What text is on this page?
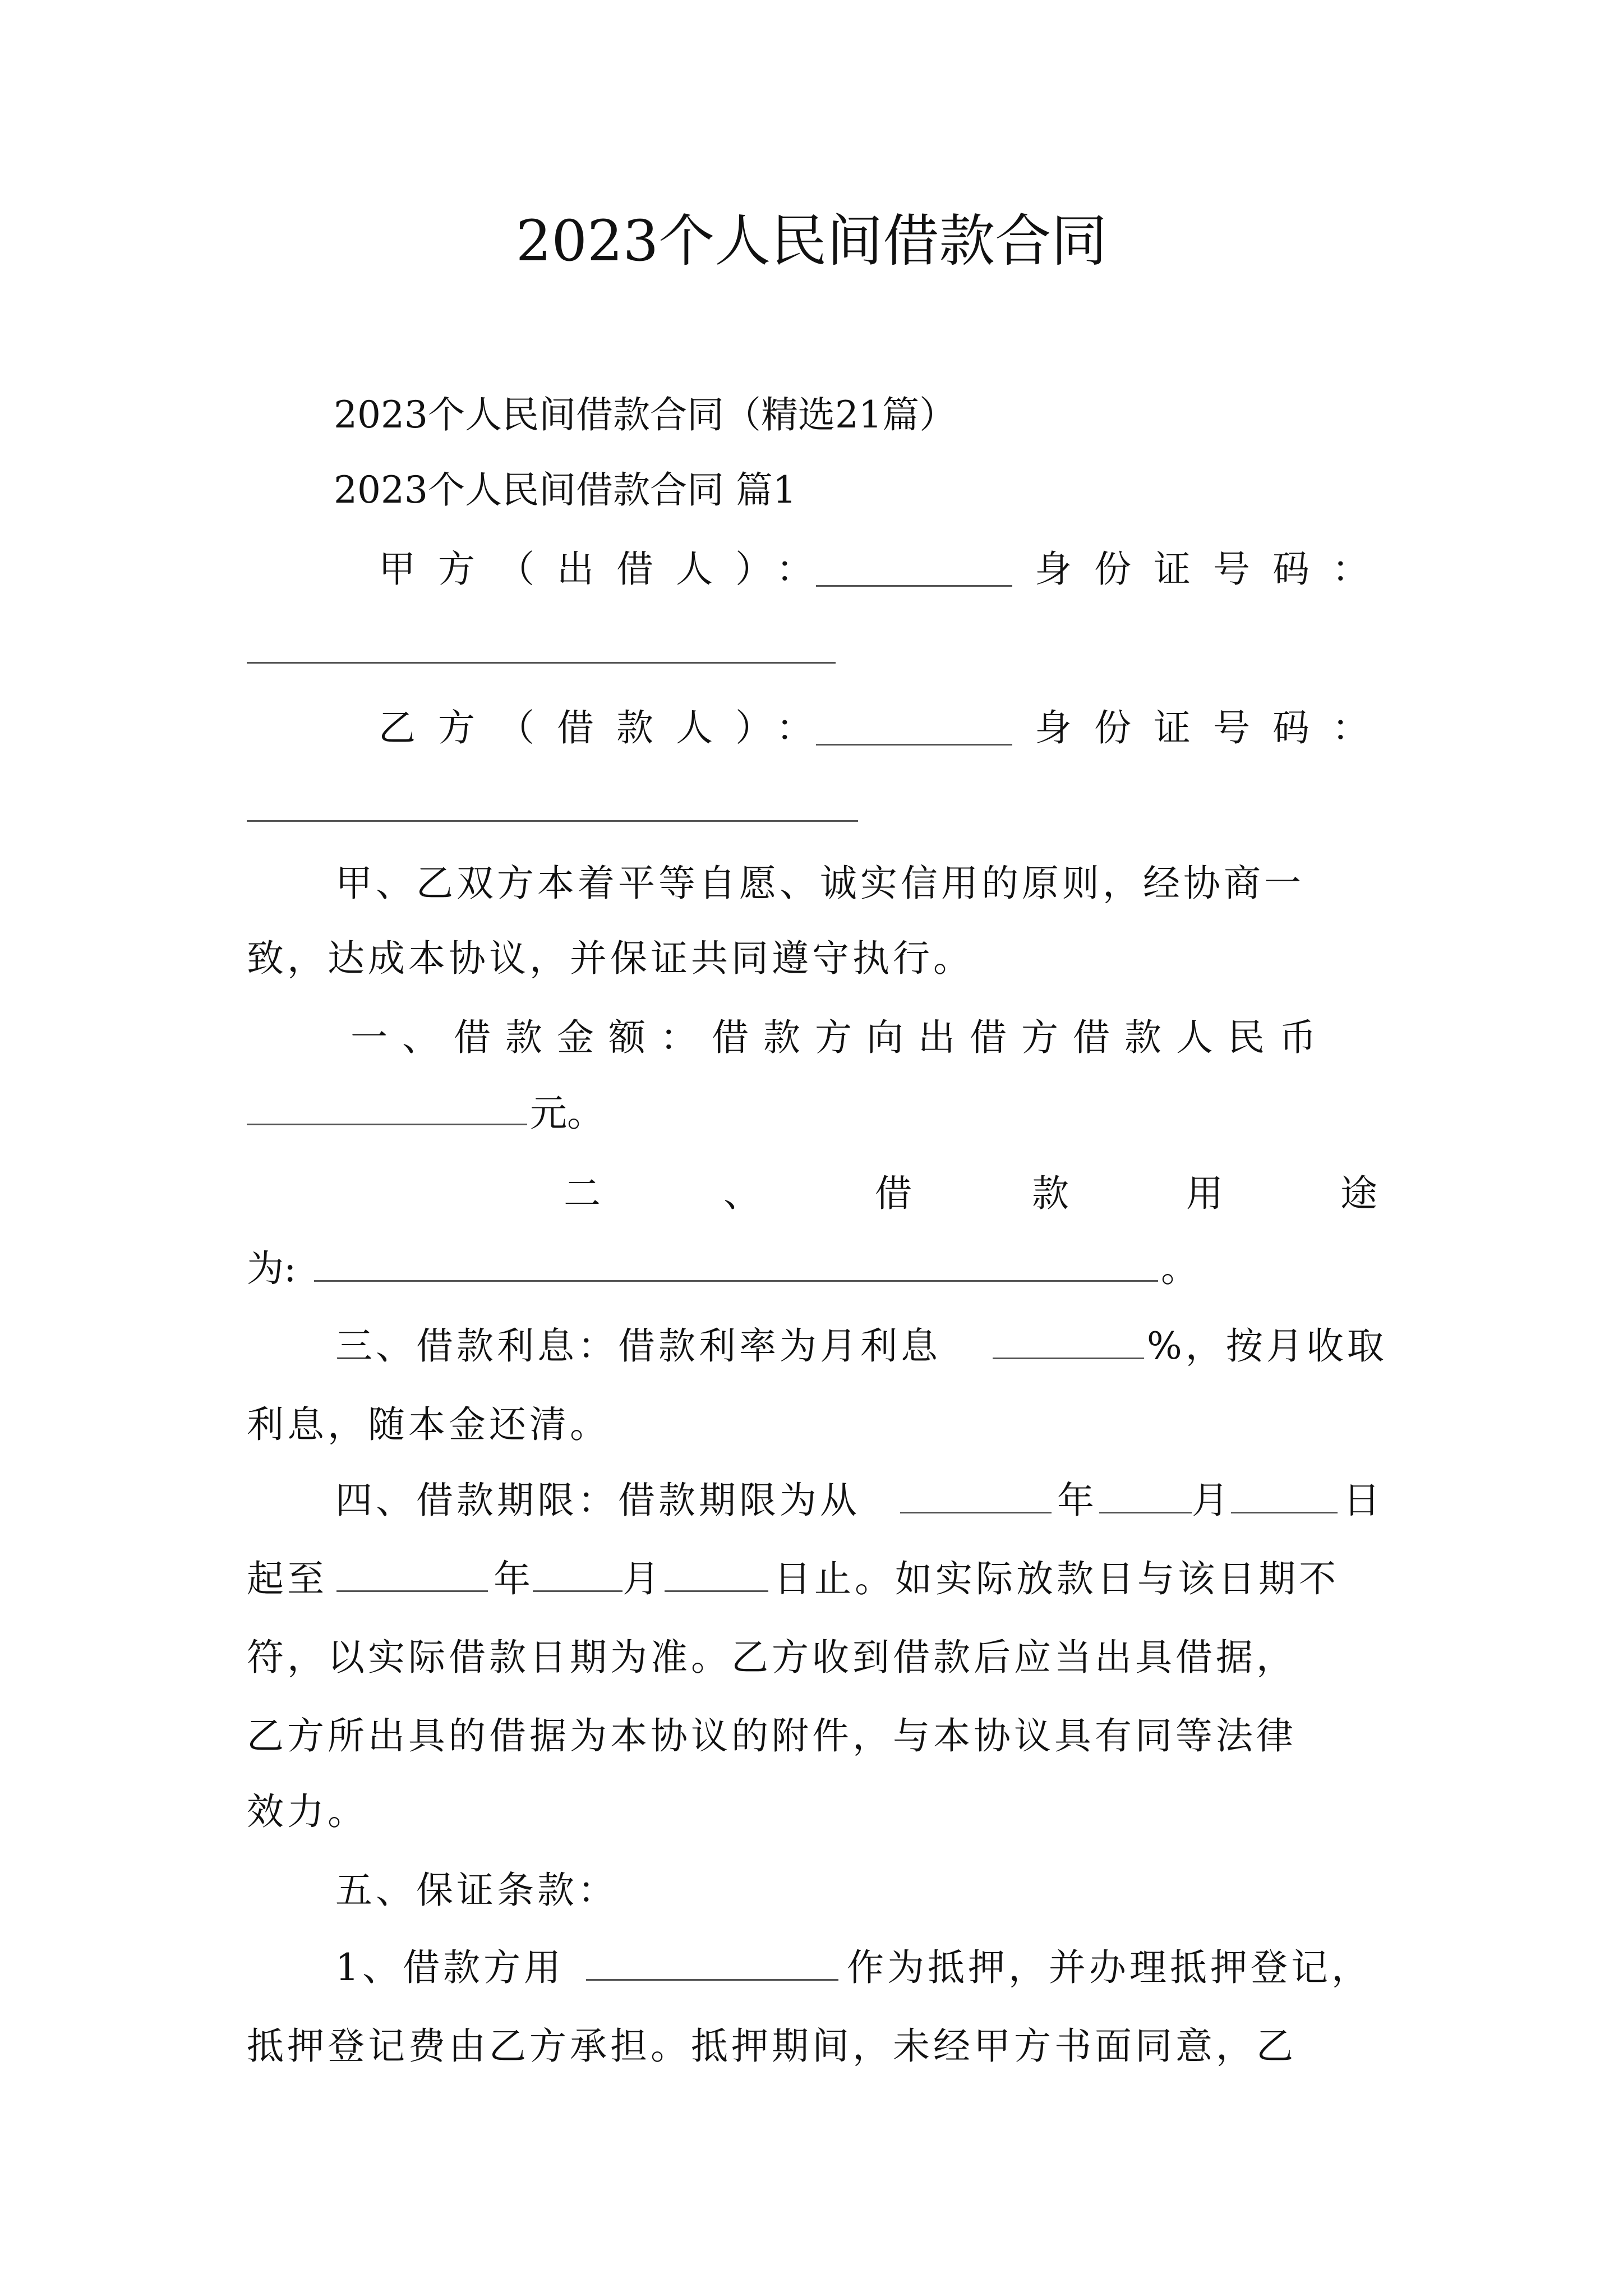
2023个人民间借款合同
2023个人民间借款合同（精选21篇）
2023个人民间借款合同 篇1
甲方（出借人）：	身份证号码：
乙方（借款人）：	身份证号码：
甲、乙双方本着平等自愿、诚实信用的原则，经协商一
致，达成本协议，并保证共同遵守执行。
一、借款金额：借款方向出借方借款人民币
元。
二	、	借	款	用	途
为:	。
三、借款利息：借款利率为月利息	%，按月收取
利息，随本金还清。
四、借款期限：借款期限为从	年	月	日
起至	年 月	日止。如实际放款日与该日期不
符，以实际借款日期为准。乙方收到借款后应当出具借据，
乙方所出具的借据为本协议的附件，与本协议具有同等法律
效力。
五、保证条款：
1、借款方用	作为抵押，并办理抵押登记，
抵押登记费由乙方承担。抵押期间，未经甲方书面同意，乙
